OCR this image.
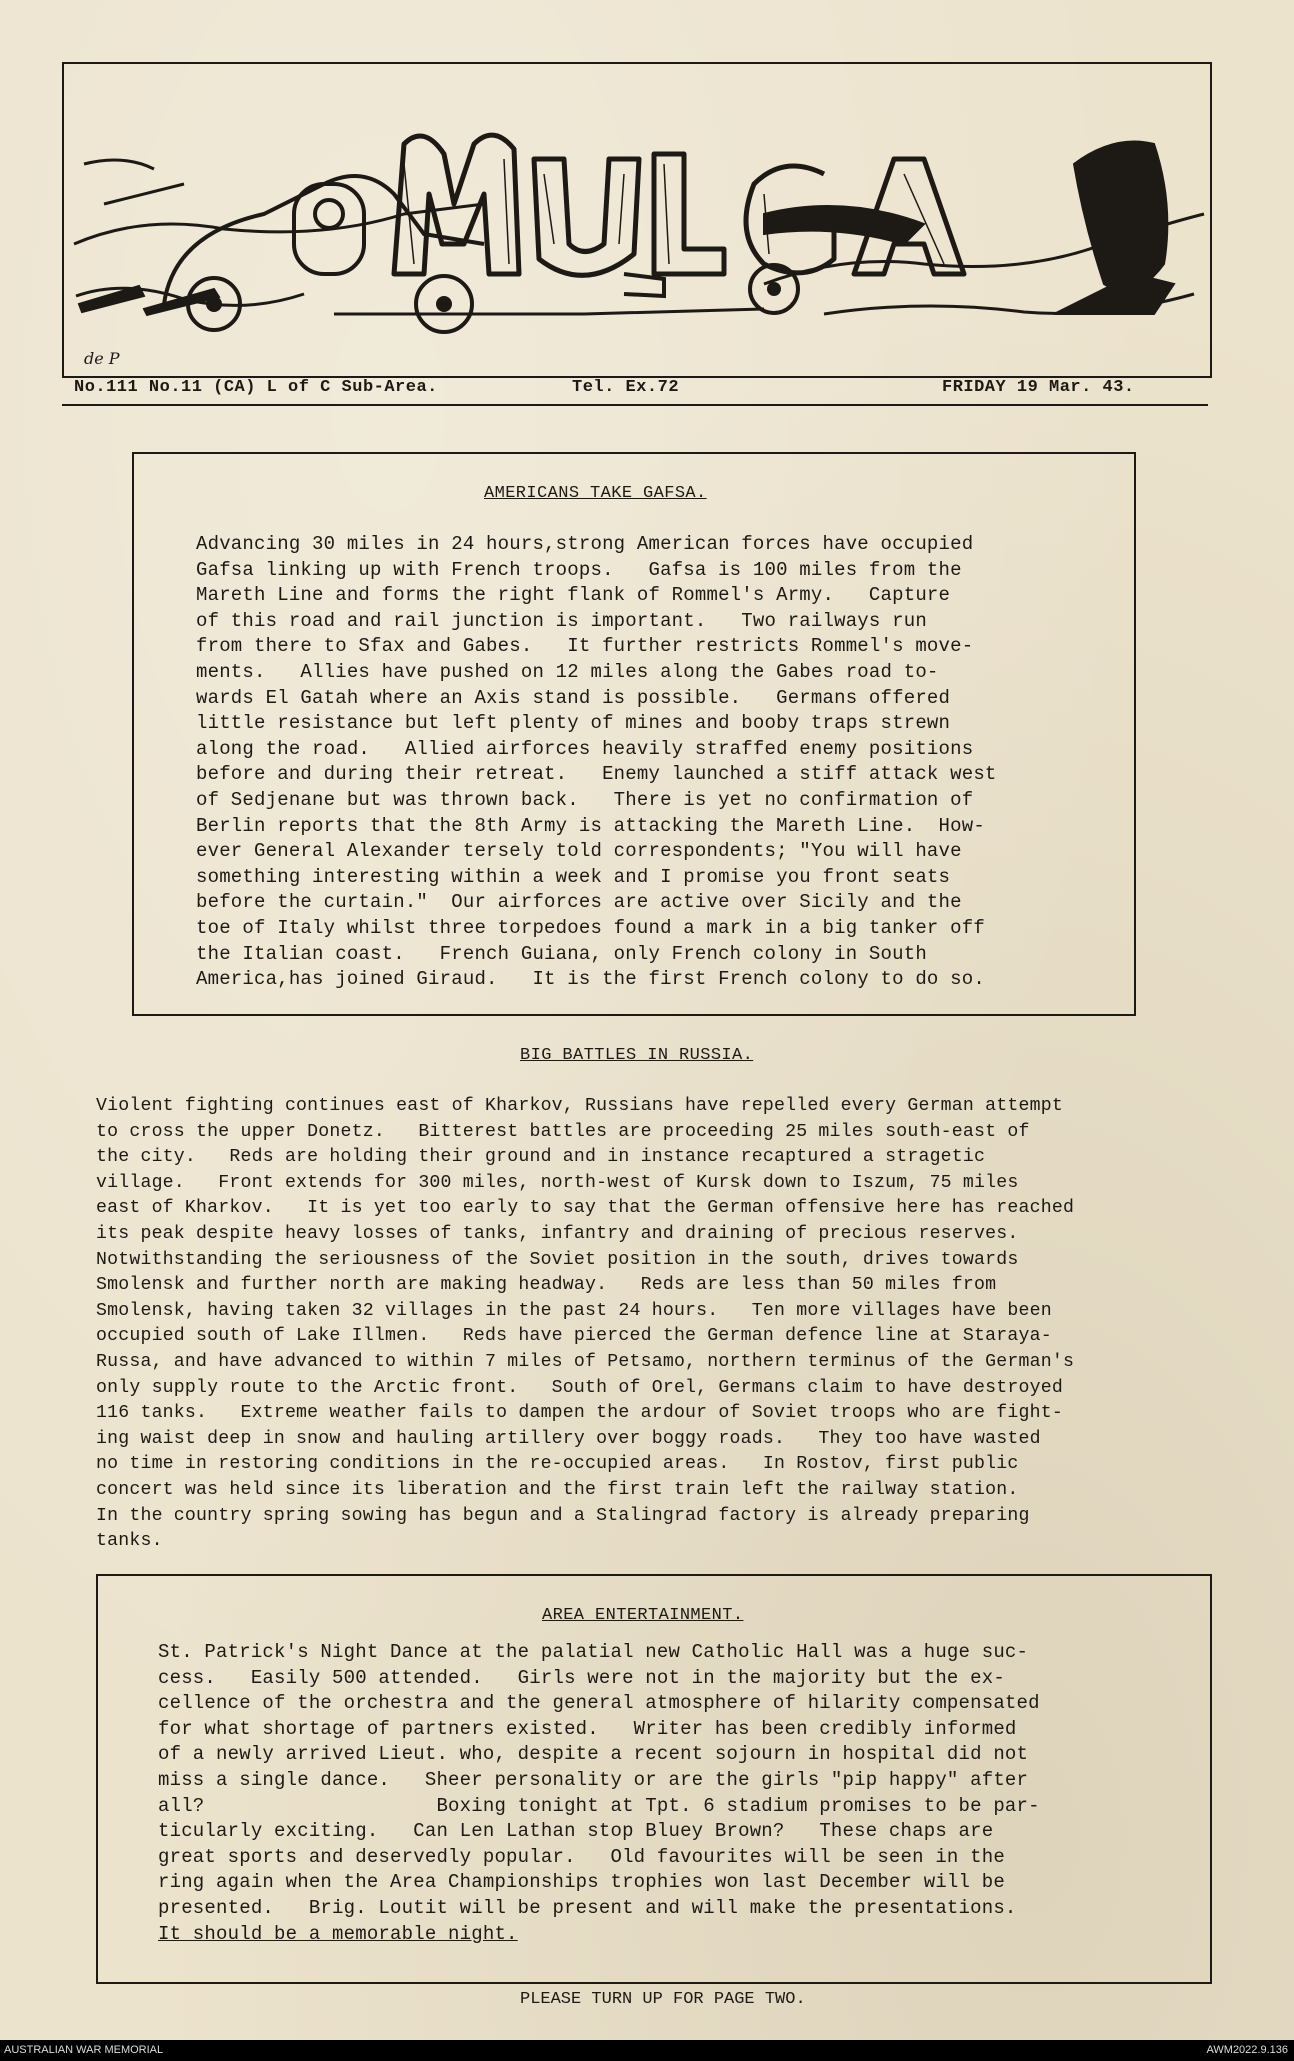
de P
No.111 No.11 (CA) L of C Sub-Area.	Tel. Ex.72	FRIDAY 19 Mar. 43.
AMERICANS TAKE GAFSA.
Advancing 30 miles in 24 hours,strong American forces have occupied
Gafsa linking up with French troops.   Gafsa is 100 miles from the
Mareth Line and forms the right flank of Rommel's Army.   Capture
of this road and rail junction is important.   Two railways run
from there to Sfax and Gabes.   It further restricts Rommel's move-
ments.   Allies have pushed on 12 miles along the Gabes road to-
wards El Gatah where an Axis stand is possible.   Germans offered
little resistance but left plenty of mines and booby traps strewn
along the road.   Allied airforces heavily straffed enemy positions
before and during their retreat.   Enemy launched a stiff attack west
of Sedjenane but was thrown back.   There is yet no confirmation of
Berlin reports that the 8th Army is attacking the Mareth Line.  How-
ever General Alexander tersely told correspondents; "You will have
something interesting within a week and I promise you front seats
before the curtain."  Our airforces are active over Sicily and the
toe of Italy whilst three torpedoes found a mark in a big tanker off
the Italian coast.   French Guiana, only French colony in South
America,has joined Giraud.   It is the first French colony to do so.
BIG BATTLES IN RUSSIA.
Violent fighting continues east of Kharkov, Russians have repelled every German attempt
to cross the upper Donetz.   Bitterest battles are proceeding 25 miles south-east of
the city.   Reds are holding their ground and in instance recaptured a stragetic
village.   Front extends for 300 miles, north-west of Kursk down to Iszum, 75 miles
east of Kharkov.   It is yet too early to say that the German offensive here has reached
its peak despite heavy losses of tanks, infantry and draining of precious reserves.
Notwithstanding the seriousness of the Soviet position in the south, drives towards
Smolensk and further north are making headway.   Reds are less than 50 miles from
Smolensk, having taken 32 villages in the past 24 hours.   Ten more villages have been
occupied south of Lake Illmen.   Reds have pierced the German defence line at Staraya-
Russa, and have advanced to within 7 miles of Petsamo, northern terminus of the German's
only supply route to the Arctic front.   South of Orel, Germans claim to have destroyed
116 tanks.   Extreme weather fails to dampen the ardour of Soviet troops who are fight-
ing waist deep in snow and hauling artillery over boggy roads.   They too have wasted
no time in restoring conditions in the re-occupied areas.   In Rostov, first public
concert was held since its liberation and the first train left the railway station.
In the country spring sowing has begun and a Stalingrad factory is already preparing
tanks.
AREA ENTERTAINMENT.
St. Patrick's Night Dance at the palatial new Catholic Hall was a huge suc-
cess.   Easily 500 attended.   Girls were not in the majority but the ex-
cellence of the orchestra and the general atmosphere of hilarity compensated
for what shortage of partners existed.   Writer has been credibly informed
of a newly arrived Lieut. who, despite a recent sojourn in hospital did not
miss a single dance.   Sheer personality or are the girls "pip happy" after
all?                    Boxing tonight at Tpt. 6 stadium promises to be par-
ticularly exciting.   Can Len Lathan stop Bluey Brown?   These chaps are
great sports and deservedly popular.   Old favourites will be seen in the
ring again when the Area Championships trophies won last December will be
presented.   Brig. Loutit will be present and will make the presentations.
It should be a memorable night.
PLEASE TURN UP FOR PAGE TWO.
AUSTRALIAN WAR MEMORIAL	AWM2022.9.136
